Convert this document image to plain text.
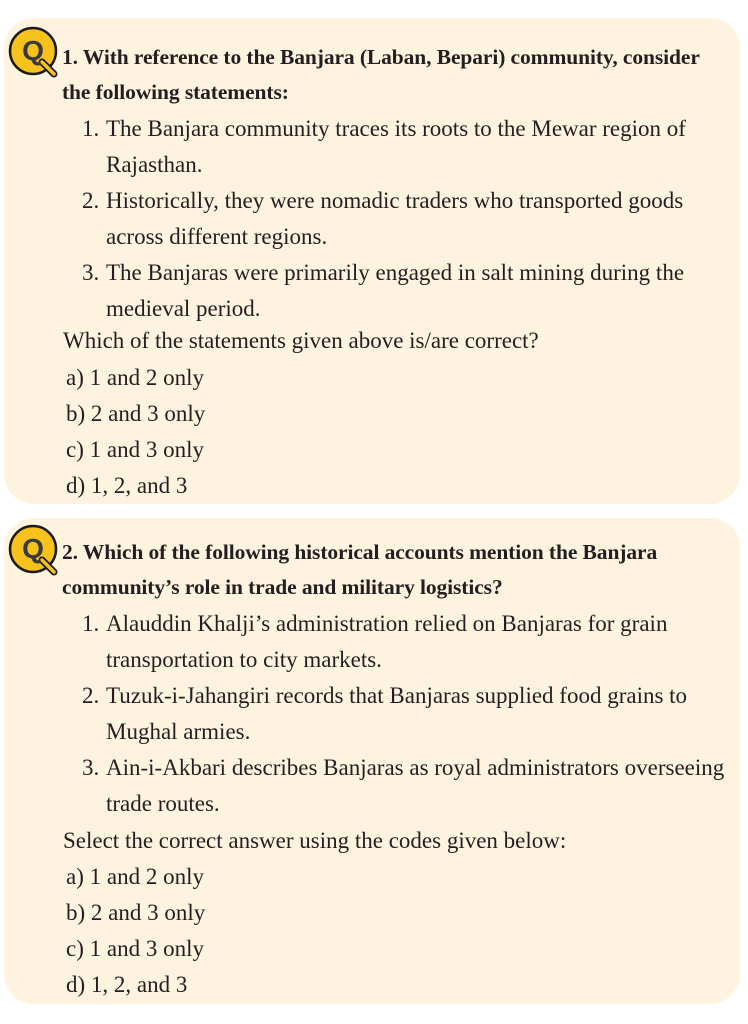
Q 1. With reference to the Banjara (Laban, Bepari) community, consider the following statements:
1. The Banjara community traces its roots to the Mewar region of Rajasthan.
2. Historically, they were nomadic traders who transported goods across different regions.
3. The Banjaras were primarily engaged in salt mining during the medieval period.
Which of the statements given above is/are correct?
a) 1 and 2 only
b) 2 and 3 only
c) 1 and 3 only
d) 1, 2, and 3
Q 2. Which of the following historical accounts mention the Banjara community’s role in trade and military logistics?
1. Alauddin Khalji’s administration relied on Banjaras for grain transportation to city markets.
2. Tuzuk-i-Jahangiri records that Banjaras supplied food grains to Mughal armies.
3. Ain-i-Akbari describes Banjaras as royal administrators overseeing trade routes.
Select the correct answer using the codes given below:
a) 1 and 2 only
b) 2 and 3 only
c) 1 and 3 only
d) 1, 2, and 3
